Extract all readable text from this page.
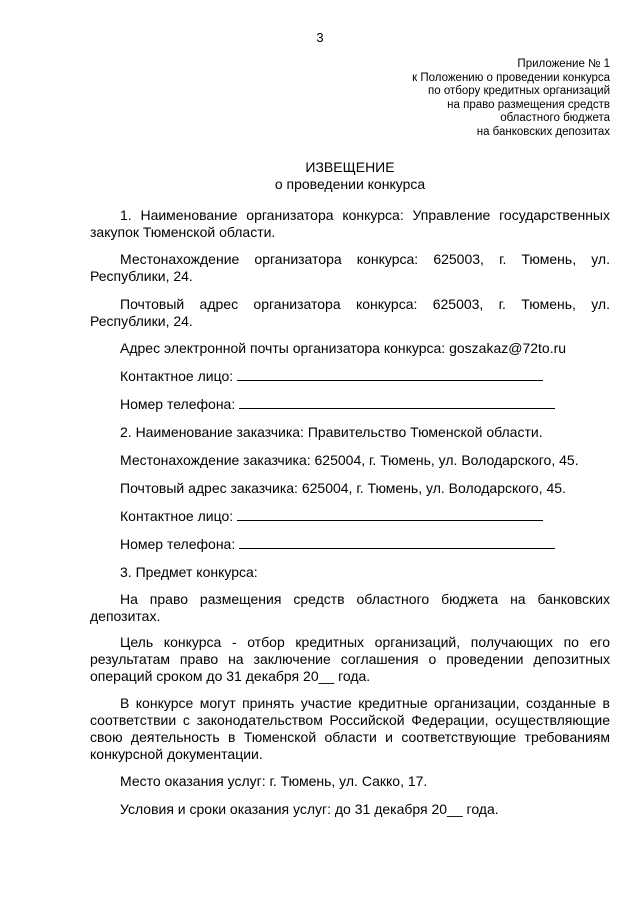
3
Приложение № 1
к Положению о проведении конкурса
по отбору кредитных организаций
на право размещения средств
областного бюджета
на банковских депозитах
ИЗВЕЩЕНИЕ
о проведении конкурса
1. Наименование организатора конкурса: Управление государственных закупок Тюменской области.
Местонахождение организатора конкурса: 625003, г. Тюмень, ул. Республики, 24.
Почтовый адрес организатора конкурса: 625003, г. Тюмень, ул. Республики, 24.
Адрес электронной почты организатора конкурса: goszakaz@72to.ru
Контактное лицо:
Номер телефона:
2. Наименование заказчика: Правительство Тюменской области.
Местонахождение заказчика: 625004, г. Тюмень, ул. Володарского, 45.
Почтовый адрес заказчика: 625004, г. Тюмень, ул. Володарского, 45.
Контактное лицо:
Номер телефона:
3. Предмет конкурса:
На право размещения средств областного бюджета на банковских депозитах.
Цель конкурса - отбор кредитных организаций, получающих по его результатам право на заключение соглашения о проведении депозитных операций сроком до 31 декабря 20__ года.
В конкурсе могут принять участие кредитные организации, созданные в соответствии с законодательством Российской Федерации, осуществляющие свою деятельность в Тюменской области и соответствующие требованиям конкурсной документации.
Место оказания услуг: г. Тюмень, ул. Сакко, 17.
Условия и сроки оказания услуг: до 31 декабря 20__ года.
